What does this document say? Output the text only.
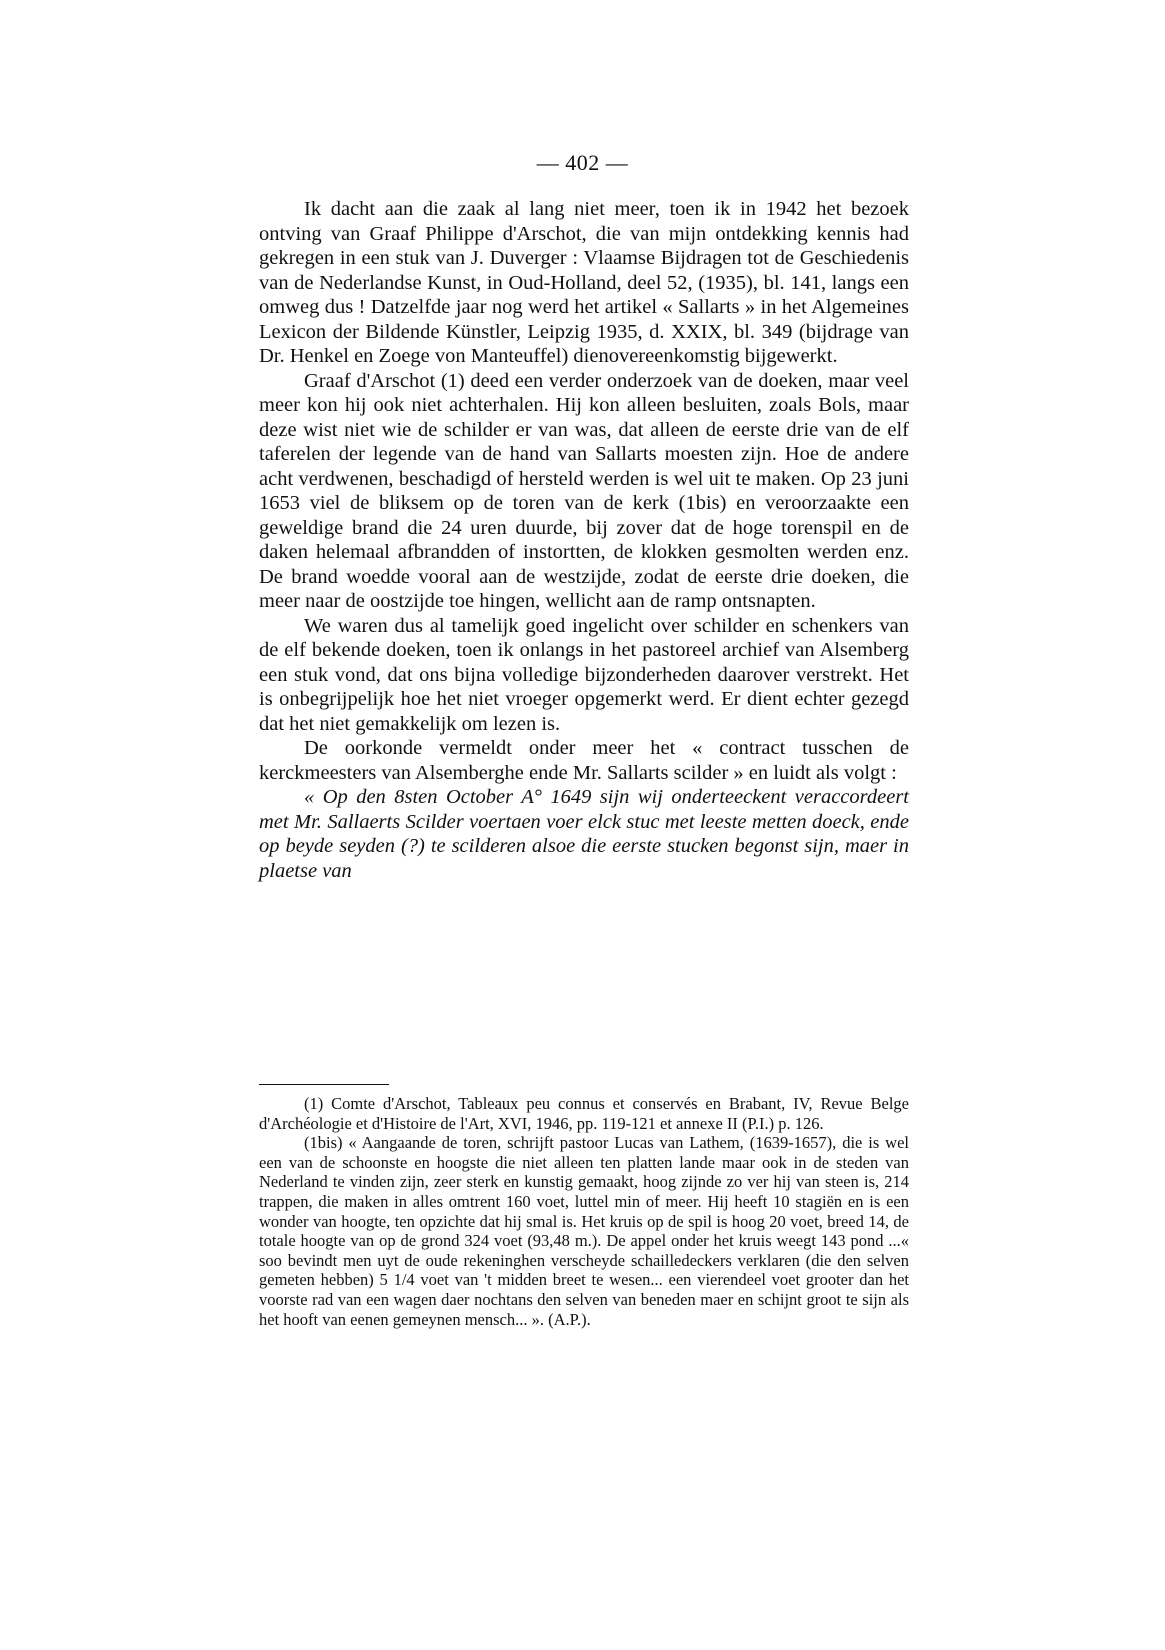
— 402 —

Ik dacht aan die zaak al lang niet meer, toen ik in 1942 het bezoek ontving van Graaf Philippe d'Arschot, die van mijn ontdekking kennis had gekregen in een stuk van J. Duverger : Vlaamse Bijdragen tot de Geschiedenis van de Nederlandse Kunst, in Oud-Holland, deel 52, (1935), bl. 141, langs een omweg dus ! Datzelfde jaar nog werd het artikel « Sallarts » in het Algemeines Lexicon der Bildende Künstler, Leipzig 1935, d. XXIX, bl. 349 (bijdrage van Dr. Henkel en Zoege von Manteuffel) dienovereenkomstig bijgewerkt.

Graaf d'Arschot (1) deed een verder onderzoek van de doeken, maar veel meer kon hij ook niet achterhalen. Hij kon alleen besluiten, zoals Bols, maar deze wist niet wie de schilder er van was, dat alleen de eerste drie van de elf taferelen der legende van de hand van Sallarts moesten zijn. Hoe de andere acht verdwenen, beschadigd of hersteld werden is wel uit te maken. Op 23 juni 1653 viel de bliksem op de toren van de kerk (1bis) en veroorzaakte een geweldige brand die 24 uren duurde, bij zover dat de hoge torenspil en de daken helemaal afbrandden of instortten, de klokken gesmolten werden enz. De brand woedde vooral aan de westzijde, zodat de eerste drie doeken, die meer naar de oostzijde toe hingen, wellicht aan de ramp ontsnapten.

We waren dus al tamelijk goed ingelicht over schilder en schenkers van de elf bekende doeken, toen ik onlangs in het pastoreel archief van Alsemberg een stuk vond, dat ons bijna volledige bijzonderheden daarover verstrekt. Het is onbegrijpelijk hoe het niet vroeger opgemerkt werd. Er dient echter gezegd dat het niet gemakkelijk om lezen is.

De oorkonde vermeldt onder meer het « contract tusschen de kerckmeesters van Alsemberghe ende Mr. Sallarts scilder » en luidt als volgt :

« Op den 8sten October A° 1649 sijn wij onderteeckent veraccordeert met Mr. Sallaerts Scilder voertaen voer elck stuc met leeste metten doeck, ende op beyde seyden (?) te scilderen alsoe die eerste stucken begonst sijn, maer in plaetse van

(1) Comte d'Arschot, Tableaux peu connus et conservés en Brabant, IV, Revue Belge d'Archéologie et d'Histoire de l'Art, XVI, 1946, pp. 119-121 et annexe II (P.I.) p. 126.

(1bis) « Aangaande de toren, schrijft pastoor Lucas van Lathem, (1639-1657), die is wel een van de schoonste en hoogste die niet alleen ten platten lande maar ook in de steden van Nederland te vinden zijn, zeer sterk en kunstig gemaakt, hoog zijnde zo ver hij van steen is, 214 trappen, die maken in alles omtrent 160 voet, luttel min of meer. Hij heeft 10 stagiën en is een wonder van hoogte, ten opzichte dat hij smal is. Het kruis op de spil is hoog 20 voet, breed 14, de totale hoogte van op de grond 324 voet (93,48 m.). De appel onder het kruis weegt 143 pond ...« soo bevindt men uyt de oude rekeninghen verscheyde schailledeckers verklaren (die den selven gemeten hebben) 5 1/4 voet van 't midden breet te wesen... een vierendeel voet grooter dan het voorste rad van een wagen daer nochtans den selven van beneden maer en schijnt groot te sijn als het hooft van eenen gemeynen mensch... ». (A.P.).
